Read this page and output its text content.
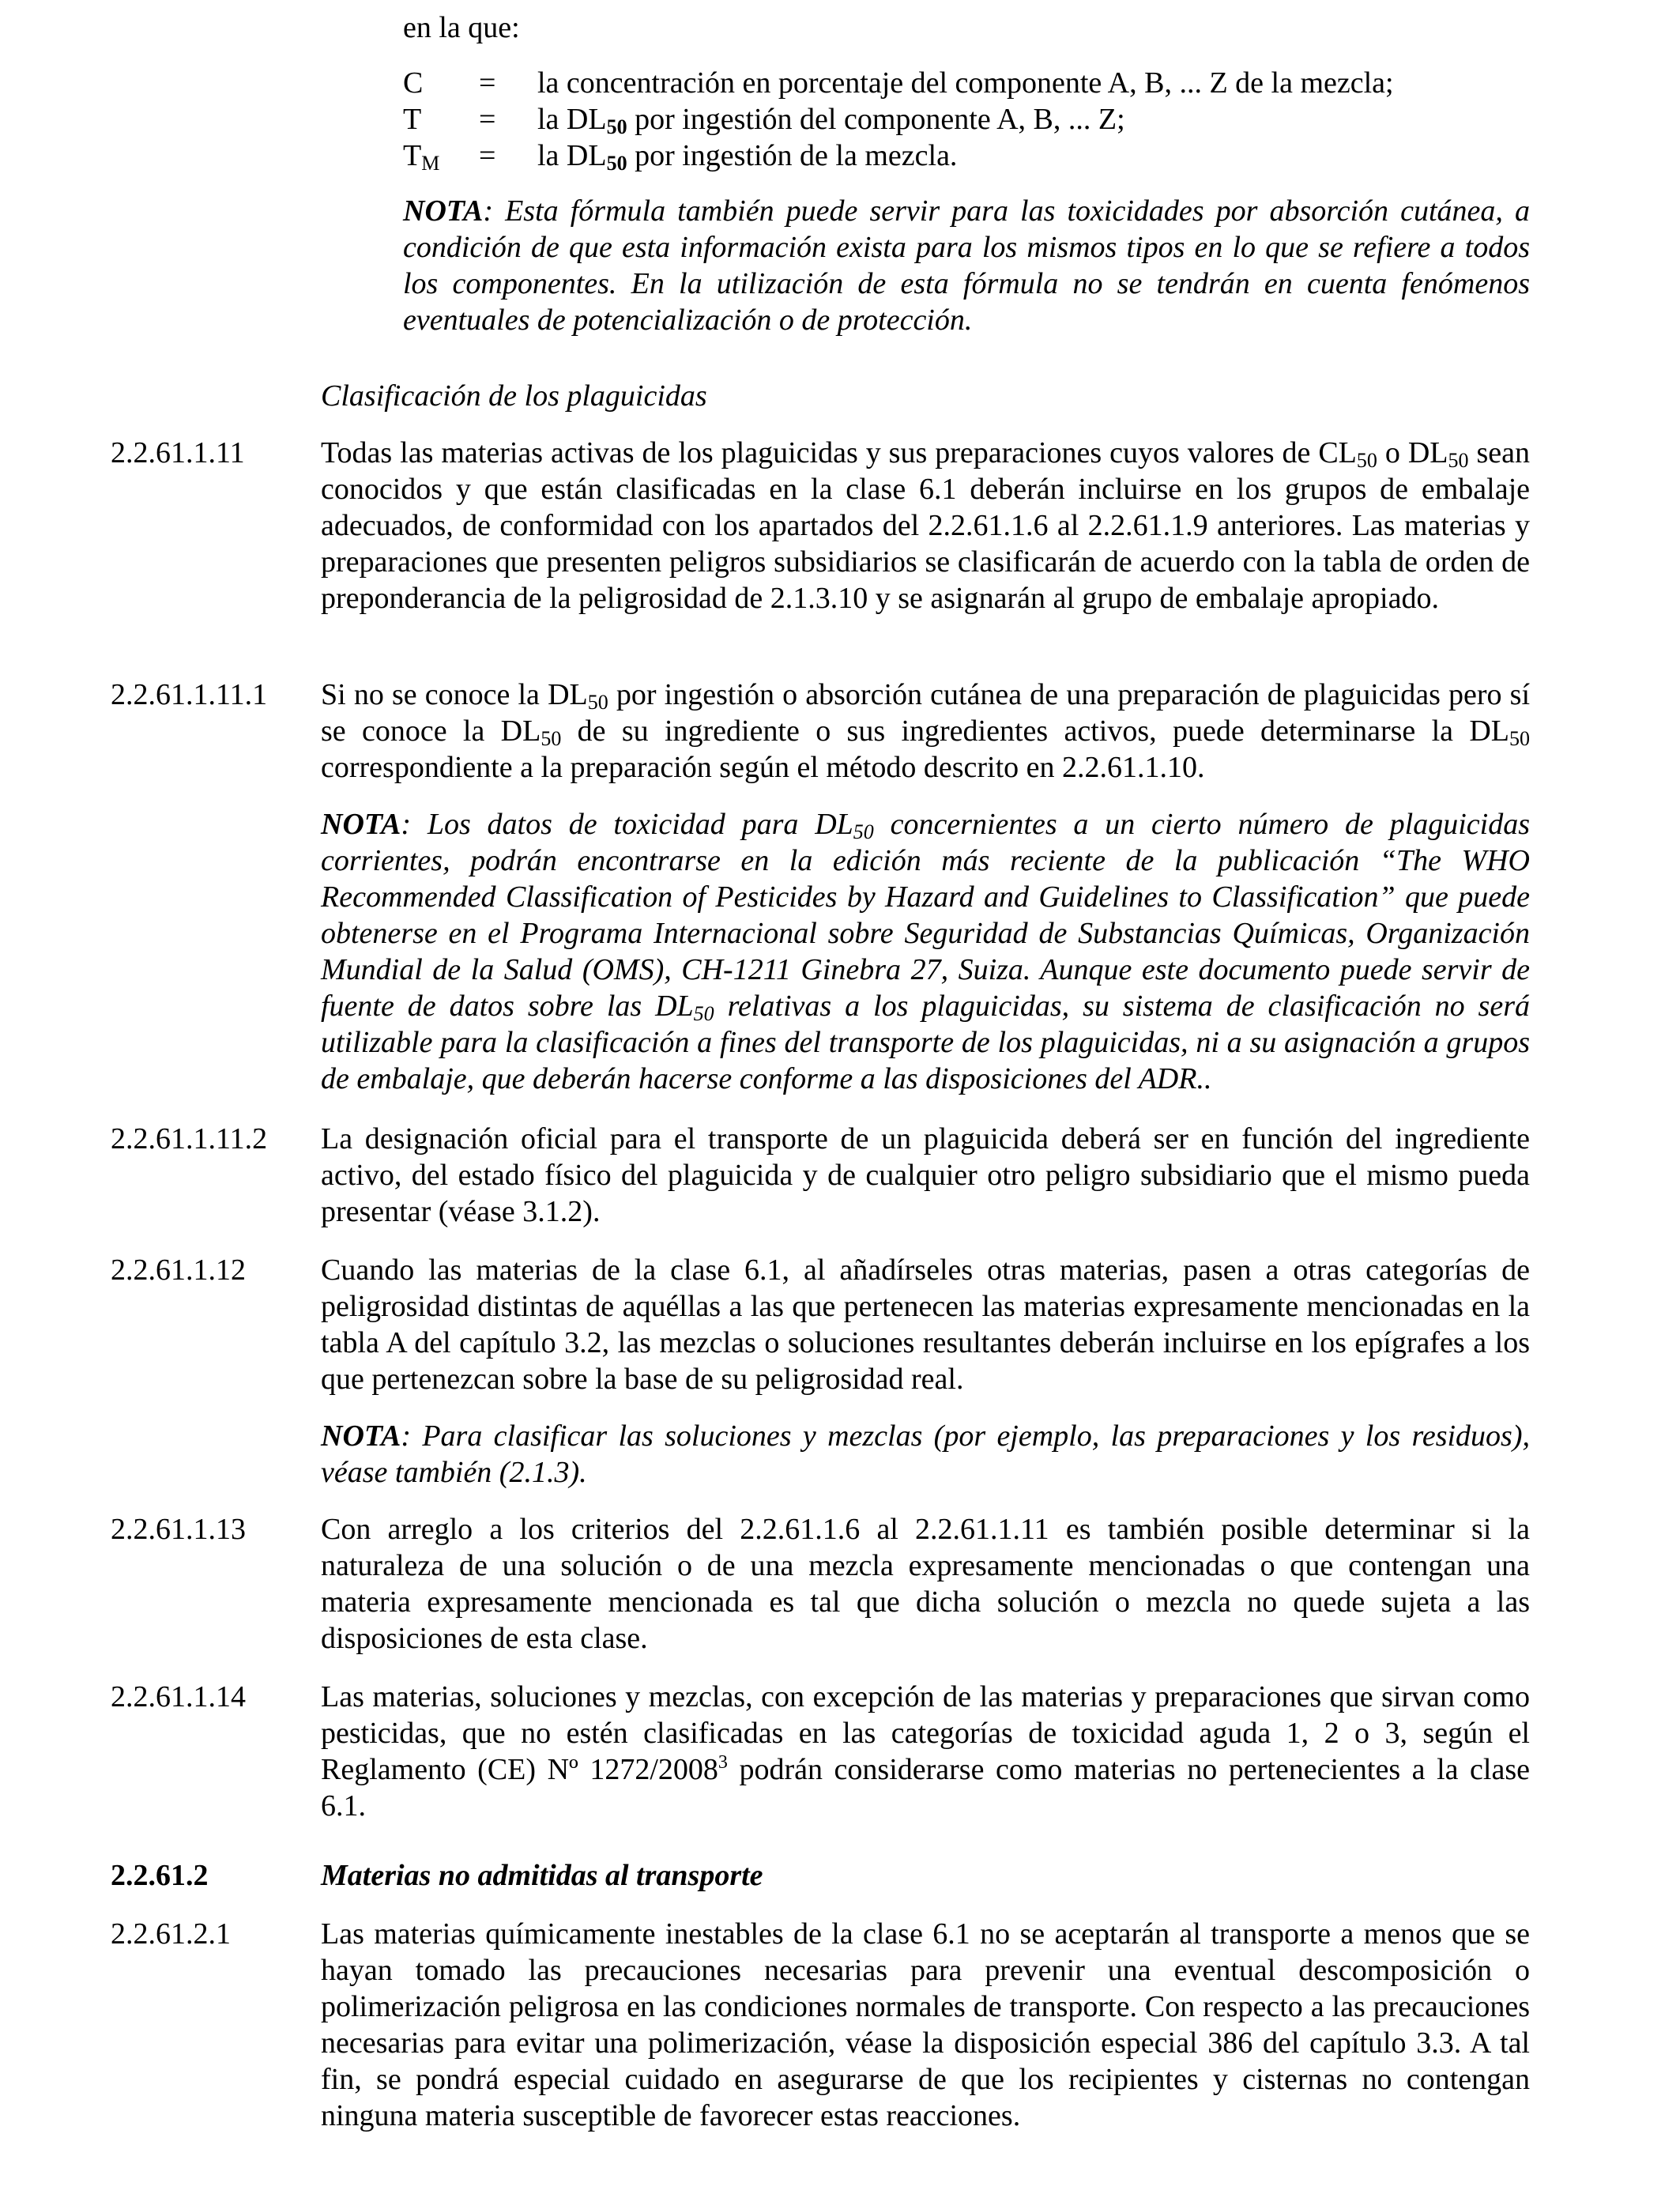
en la que:
C	=	la concentración en porcentaje del componente A, B, ... Z de la mezcla;
T	=	la $DL_{50}$ por ingestión del componente A, B, ... Z;
$T_M$	=	la $DL_{50}$ por ingestión de la mezcla.
NOTA: Esta fórmula también puede servir para las toxicidades por absorción cutánea, a condición de que esta información exista para los mismos tipos en lo que se refiere a todos los componentes. En la utilización de esta fórmula no se tendrán en cuenta fenómenos eventuales de potencialización o de protección.
Clasificación de los plaguicidas
2.2.61.1.11	Todas las materias activas de los plaguicidas y sus preparaciones cuyos valores de $CL_{50}$ o $DL_{50}$ sean conocidos y que están clasificadas en la clase 6.1 deberán incluirse en los grupos de embalaje adecuados, de conformidad con los apartados del 2.2.61.1.6 al 2.2.61.1.9 anteriores. Las materias y preparaciones que presenten peligros subsidiarios se clasificarán de acuerdo con la tabla de orden de preponderancia de la peligrosidad de 2.1.3.10 y se asignarán al grupo de embalaje apropiado.
2.2.61.1.11.1 Si no se conoce la $DL_{50}$ por ingestión o absorción cutánea de una preparación de plaguicidas pero sí se conoce la $DL_{50}$ de su ingrediente o sus ingredientes activos, puede determinarse la $DL_{50}$ correspondiente a la preparación según el método descrito en 2.2.61.1.10.
NOTA: Los datos de toxicidad para $DL_{50}$ concernientes a un cierto número de plaguicidas corrientes, podrán encontrarse en la edición más reciente de la publicación “The WHO Recommended Classification of Pesticides by Hazard and Guidelines to Classification” que puede obtenerse en el Programa Internacional sobre Seguridad de Substancias Químicas, Organización Mundial de la Salud (OMS), CH-1211 Ginebra 27, Suiza. Aunque este documento puede servir de fuente de datos sobre las $DL_{50}$ relativas a los plaguicidas, su sistema de clasificación no será utilizable para la clasificación a fines del transporte de los plaguicidas, ni a su asignación a grupos de embalaje, que deberán hacerse conforme a las disposiciones del ADR..
2.2.61.1.11.2 La designación oficial para el transporte de un plaguicida deberá ser en función del ingrediente activo, del estado físico del plaguicida y de cualquier otro peligro subsidiario que el mismo pueda presentar (véase 3.1.2).
2.2.61.1.12	Cuando las materias de la clase 6.1, al añadírseles otras materias, pasen a otras categorías de peligrosidad distintas de aquéllas a las que pertenecen las materias expresamente mencionadas en la tabla A del capítulo 3.2, las mezclas o soluciones resultantes deberán incluirse en los epígrafes a los que pertenezcan sobre la base de su peligrosidad real.
NOTA: Para clasificar las soluciones y mezclas (por ejemplo, las preparaciones y los residuos), véase también (2.1.3).
2.2.61.1.13	Con arreglo a los criterios del 2.2.61.1.6 al 2.2.61.1.11 es también posible determinar si la naturaleza de una solución o de una mezcla expresamente mencionadas o que contengan una materia expresamente mencionada es tal que dicha solución o mezcla no quede sujeta a las disposiciones de esta clase.
2.2.61.1.14	Las materias, soluciones y mezclas, con excepción de las materias y preparaciones que sirvan como pesticidas, que no estén clasificadas en las categorías de toxicidad aguda 1, 2 o 3, según el Reglamento (CE) Nº 1272/2008$^3$ podrán considerarse como materias no pertenecientes a la clase 6.1.
2.2.61.2	Materias no admitidas al transporte
2.2.61.2.1	Las materias químicamente inestables de la clase 6.1 no se aceptarán al transporte a menos que se hayan tomado las precauciones necesarias para prevenir una eventual descomposición o polimerización peligrosa en las condiciones normales de transporte. Con respecto a las precauciones necesarias para evitar una polimerización, véase la disposición especial 386 del capítulo 3.3. A tal fin, se pondrá especial cuidado en asegurarse de que los recipientes y cisternas no contengan ninguna materia susceptible de favorecer estas reacciones.
